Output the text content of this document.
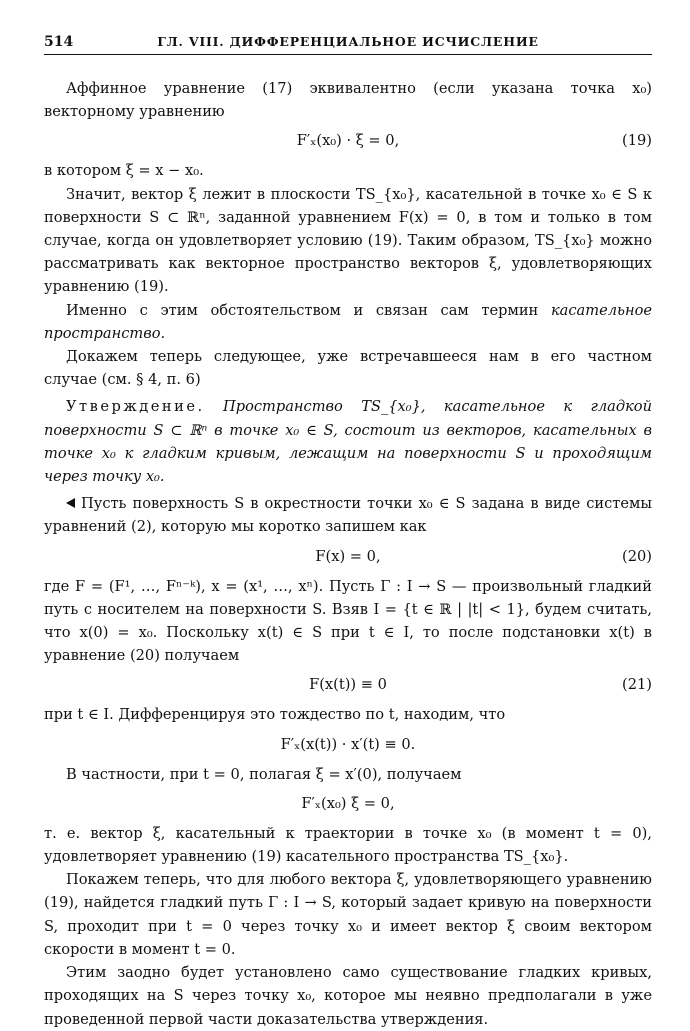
514	ГЛ. VIII. ДИФФЕРЕНЦИАЛЬНОЕ ИСЧИСЛЕНИЕ

Аффинное уравнение (17) эквивалентно (если указана точка x₀) векторному уравнению

F′ₓ(x₀) · ξ = 0,	(19)

в котором ξ = x − x₀.

Значит, вектор ξ лежит в плоскости TS_{x₀}, касательной в точке x₀ ∈ S к поверхности S ⊂ ℝⁿ, заданной уравнением F(x) = 0, в том и только в том случае, когда он удовлетворяет условию (19). Таким образом, TS_{x₀} можно рассматривать как векторное пространство векторов ξ, удовлетворяющих уравнению (19).

Именно с этим обстоятельством и связан сам термин касательное пространство.

Докажем теперь следующее, уже встречавшееся нам в его частном случае (см. § 4, п. 6)

Утверждение. Пространство TS_{x₀}, касательное к гладкой поверхности S ⊂ ℝⁿ в точке x₀ ∈ S, состоит из векторов, касательных в точке x₀ к гладким кривым, лежащим на поверхности S и проходящим через точку x₀.

Пусть поверхность S в окрестности точки x₀ ∈ S задана в виде системы уравнений (2), которую мы коротко запишем как

F(x) = 0,	(20)

где F = (F¹, …, Fⁿ⁻ᵏ), x = (x¹, …, xⁿ). Пусть Γ : I → S — произвольный гладкий путь с носителем на поверхности S. Взяв I = {t ∈ ℝ | |t| < 1}, будем считать, что x(0) = x₀. Поскольку x(t) ∈ S при t ∈ I, то после подстановки x(t) в уравнение (20) получаем

F(x(t)) ≡ 0	(21)

при t ∈ I. Дифференцируя это тождество по t, находим, что

F′ₓ(x(t)) · x′(t) ≡ 0.

В частности, при t = 0, полагая ξ = x′(0), получаем

F′ₓ(x₀) ξ = 0,

т. е. вектор ξ, касательный к траектории в точке x₀ (в момент t = 0), удовлетворяет уравнению (19) касательного пространства TS_{x₀}.

Покажем теперь, что для любого вектора ξ, удовлетворяющего уравнению (19), найдется гладкий путь Γ : I → S, который задает кривую на поверхности S, проходит при t = 0 через точку x₀ и имеет вектор ξ своим вектором скорости в момент t = 0.

Этим заодно будет установлено само существование гладких кривых, проходящих на S через точку x₀, которое мы неявно предполагали в уже проведенной первой части доказательства утверждения.
